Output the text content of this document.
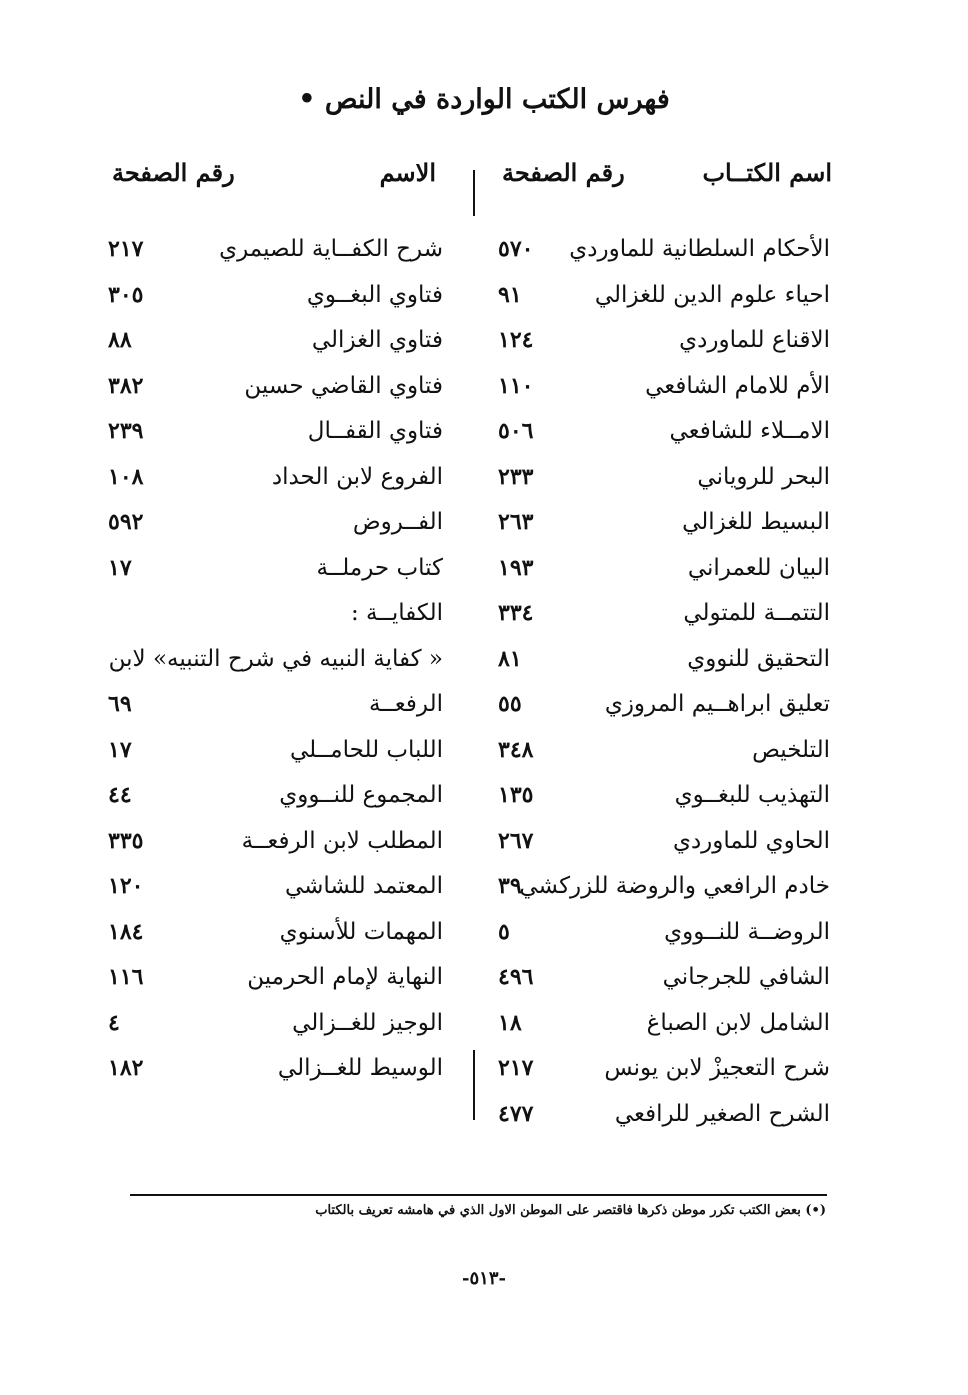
فهرس الكتب الواردة في النص •
اسم الكتــاب
رقم الصفحة
الاسم
رقم الصفحة
الأحكام السلطانية للماوردي
٥٧٠
احياء علوم الدين للغزالي
٩١
الاقناع للماوردي
١٢٤
الأم للامام الشافعي
١١٠
الامــلاء للشافعي
٥٠٦
البحر للروياني
٢٣٣
البسيط للغزالي
٢٦٣
البيان للعمراني
١٩٣
التتمــة للمتولي
٣٣٤
التحقيق للنووي
٨١
تعليق ابراهــيم المروزي
٥٥
التلخيص
٣٤٨
التهذيب للبغــوي
١٣٥
الحاوي للماوردي
٢٦٧
خادم الرافعي والروضة للزركشي
٣٩
الروضــة للنــووي
٥
الشافي للجرجاني
٤٩٦
الشامل لابن الصباغ
١٨
شرح التعجيزْ لابن يونس
٢١٧
الشرح الصغير للرافعي
٤٧٧
شرح الكفــاية للصيمري
٢١٧
فتاوي البغــوي
٣٠٥
فتاوي الغزالي
٨٨
فتاوي القاضي حسين
٣٨٢
فتاوي القفــال
٢٣٩
الفروع لابن الحداد
١٠٨
الفــروض
٥٩٢
كتاب حرملــة
١٧
الكفايــة :
« كفاية النبيه في شرح التنبيه» لابن
الرفعــة
٦٩
اللباب للحامــلي
١٧
المجموع للنــووي
٤٤
المطلب لابن الرفعــة
٣٣٥
المعتمد للشاشي
١٢٠
المهمات للأسنوي
١٨٤
النهاية لإمام الحرمين
١١٦
الوجيز للغــزالي
٤
الوسيط للغــزالي
١٨٢
(•) بعض الكتب تكرر موطن ذكرها فاقتصر على الموطن الاول الذي في هامشه تعريف بالكتاب
-٥١٣-
